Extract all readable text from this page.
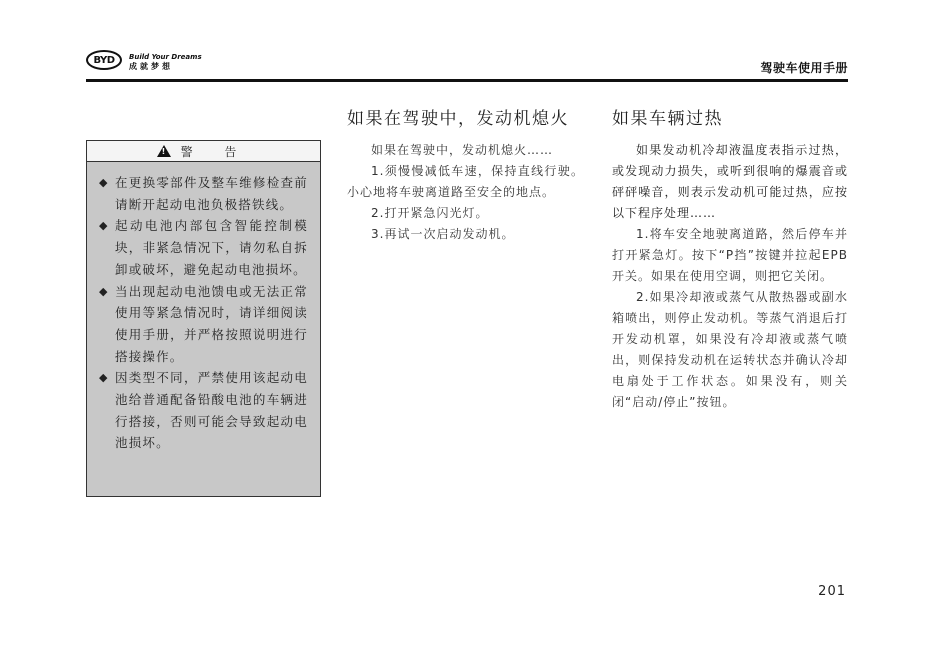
BYD	Build Your Dreams
成就梦想	驾驶车使用手册
!
警 告
◆ 在更换零部件及整车维修检查前请断开起动电池负极搭铁线。
◆ 起动电池内部包含智能控制模块，非紧急情况下，请勿私自拆卸或破坏，避免起动电池损坏。
◆ 当出现起动电池馈电或无法正常使用等紧急情况时，请详细阅读使用手册，并严格按照说明进行搭接操作。
◆ 因类型不同，严禁使用该起动电池给普通配备铅酸电池的车辆进行搭接，否则可能会导致起动电池损坏。
如果在驾驶中，发动机熄火

如果在驾驶中，发动机熄火……

1.须慢慢减低车速，保持直线行驶。小心地将车驶离道路至安全的地点。

2.打开紧急闪光灯。

3.再试一次启动发动机。

如果车辆过热

如果发动机冷却液温度表指示过热，或发现动力损失，或听到很响的爆震音或砰砰噪音，则表示发动机可能过热，应按以下程序处理……

1.将车安全地驶离道路，然后停车并打开紧急灯。按下“P挡”按键并拉起EPB开关。如果在使用空调，则把它关闭。

2.如果冷却液或蒸气从散热器或副水箱喷出，则停止发动机。等蒸气消退后打开发动机罩，如果没有冷却液或蒸气喷出，则保持发动机在运转状态并确认冷却电扇处于工作状态。如果没有，则关闭“启动/停止”按钮。

201
